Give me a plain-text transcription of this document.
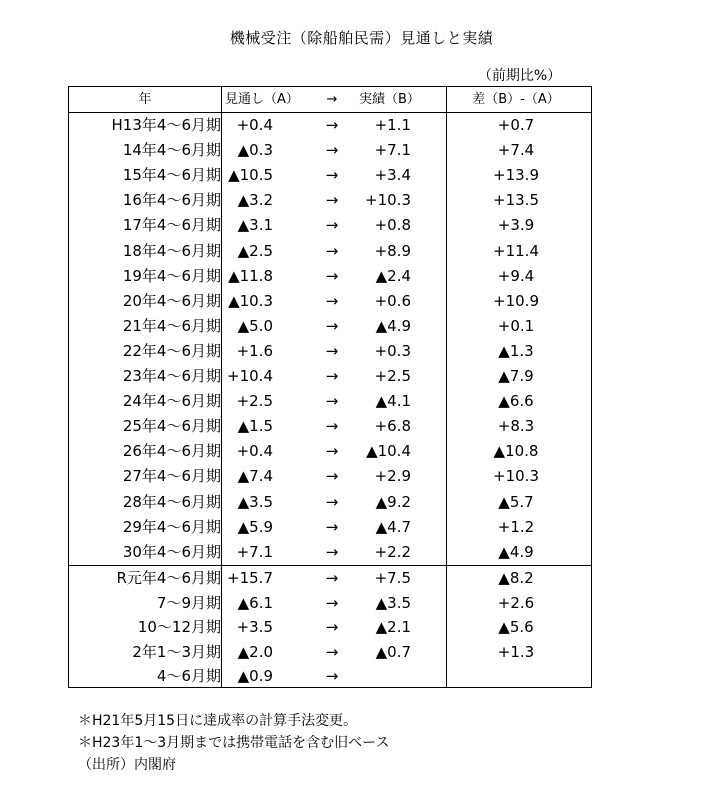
機械受注（除船舶民需）見通しと実績
（前期比%）
年	見通し（A）	→	実績（B）	差（B）-（A）
H13年4～6月期	+0.4	→	+1.1	+0.7
14年4～6月期	▲0.3	→	+7.1	+7.4
15年4～6月期 ▲10.5	→	+3.4	+13.9
16年4～6月期	▲3.2	→	+10.3	+13.5
17年4～6月期	▲3.1	→	+0.8	+3.9
18年4～6月期	▲2.5	→	+8.9	+11.4
19年4～6月期 ▲11.8	→	▲2.4	+9.4
20年4～6月期 ▲10.3	→	+0.6	+10.9
21年4～6月期	▲5.0	→	▲4.9	+0.1
22年4～6月期	+1.6	→	+0.3	▲1.3
23年4～6月期 +10.4	→	+2.5	▲7.9
24年4～6月期	+2.5	→	▲4.1	▲6.6
25年4～6月期	▲1.5	→	+6.8	+8.3
26年4～6月期	+0.4	→	▲10.4	▲10.8
27年4～6月期	▲7.4	→	+2.9	+10.3
28年4～6月期	▲3.5	→	▲9.2	▲5.7
29年4～6月期	▲5.9	→	▲4.7	+1.2
30年4～6月期	+7.1	→	+2.2	▲4.9
R元年4～6月期 +15.7	→	+7.5	▲8.2
7～9月期	▲6.1	→	▲3.5	+2.6
10～12月期	+3.5	→	▲2.1	▲5.6
2年1～3月期	▲2.0	→	▲0.7	+1.3
4～6月期	▲0.9	→
＊H21年5月15日に達成率の計算手法変更。
＊H23年1～3月期までは携帯電話を含む旧ベース
（出所）内閣府
